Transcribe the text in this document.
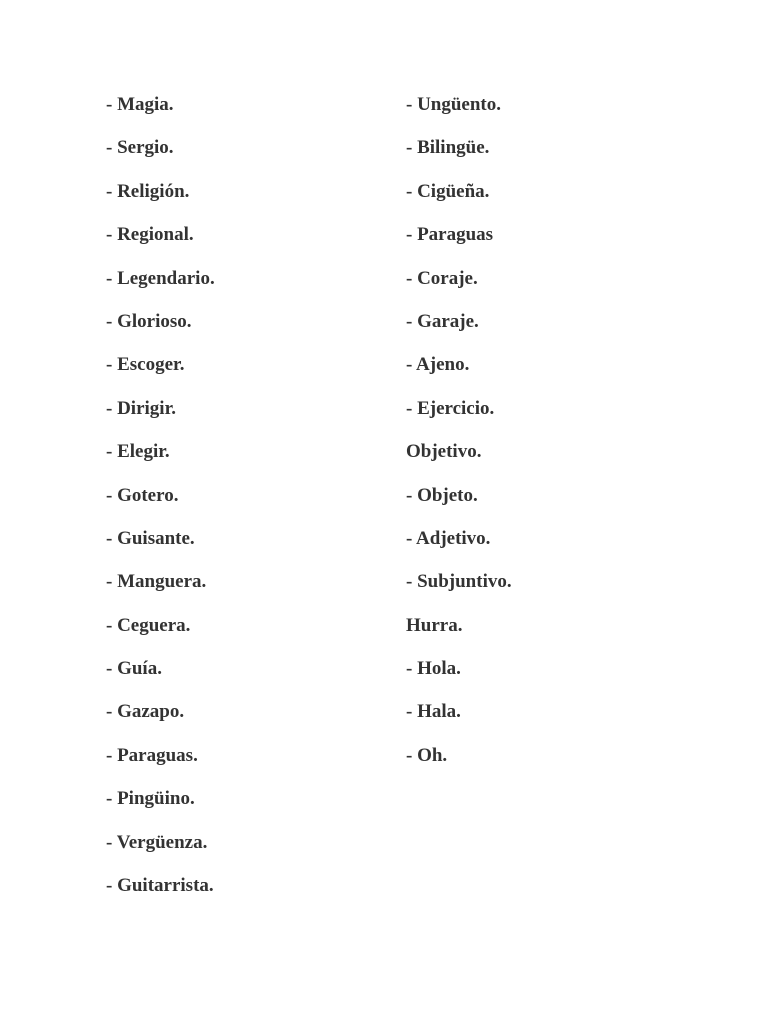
- Magia.
- Sergio.
- Religión.
- Regional.
- Legendario.
- Glorioso.
- Escoger.
- Dirigir.
- Elegir.
- Gotero.
- Guisante.
- Manguera.
- Ceguera.
- Guía.
- Gazapo.
- Paraguas.
- Pingüino.
- Vergüenza.
- Guitarrista.
- Ungüento.
- Bilingüe.
- Cigüeña.
- Paraguas
- Coraje.
- Garaje.
- Ajeno.
- Ejercicio.
Objetivo.
- Objeto.
- Adjetivo.
- Subjuntivo.
Hurra.
- Hola.
- Hala.
- Oh.
